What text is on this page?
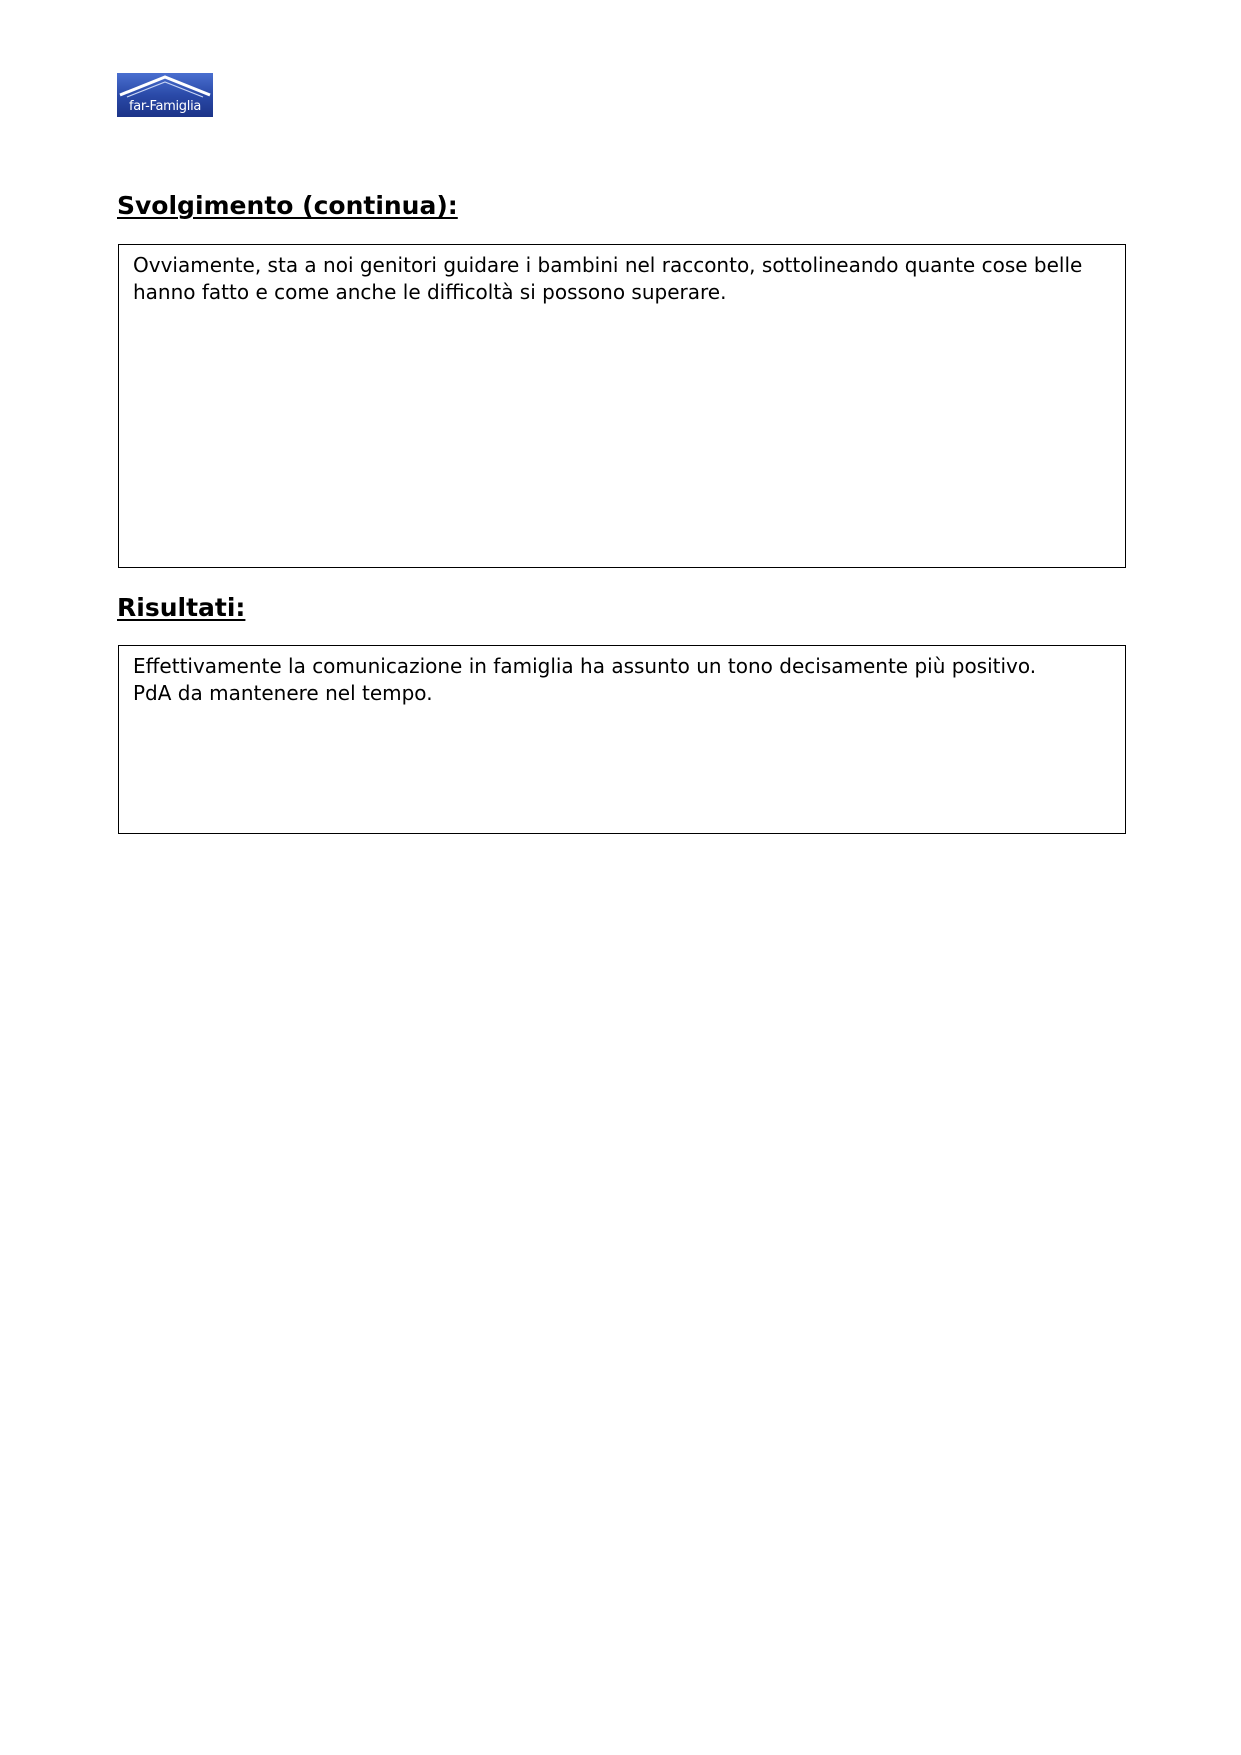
far-Famiglia
Svolgimento (continua):

Ovviamente, sta a noi genitori guidare i bambini nel racconto, sottolineando quante cose belle

hanno fatto e come anche le difficoltà si possono superare.

Risultati:

Effettivamente la comunicazione in famiglia ha assunto un tono decisamente più positivo.

PdA da mantenere nel tempo.
